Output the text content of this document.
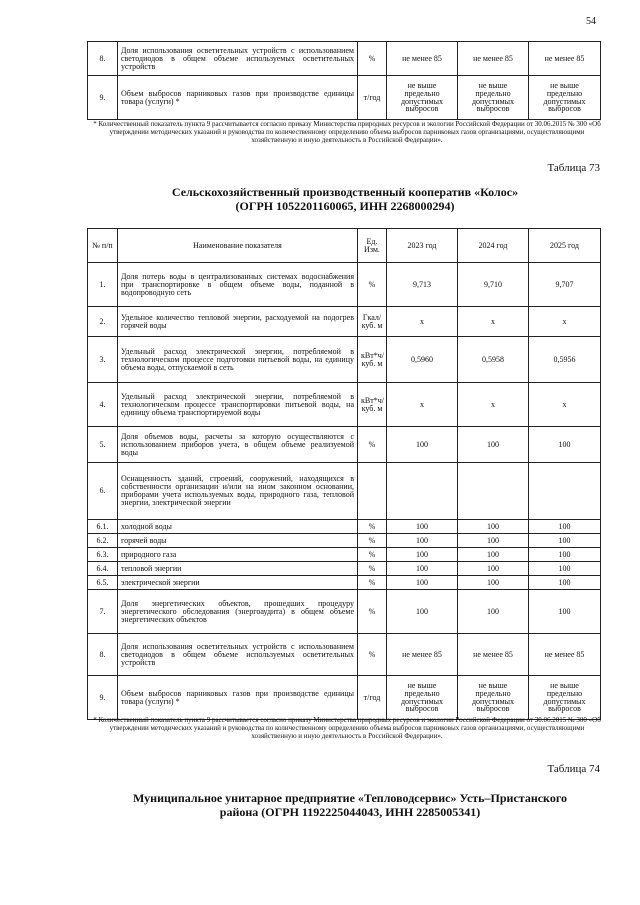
54
8.	Доля использования осветительных устройств с использованием светодиодов в общем объеме используемых осветительных устройств	%	не менее 85	не менее 85	не менее 85
9.	Объем выбросов парниковых газов при производстве единицы товара (услуги) *	т/год	не выше предельно допустимых выбросов	не выше предельно допустимых выбросов	не выше предельно допустимых выбросов
* Количественный показатель пункта 9 рассчитывается согласно приказу Министерства природных ресурсов и экологии Российской Федерации от 30.06.2015 № 300 «Об утверждении методических указаний и руководства по количественному определению объема выбросов парниковых газов организациями, осуществляющими хозяйственную и иную деятельность в Российской Федерации».
Таблица 73
Сельскохозяйственный производственный кооператив «Колос»
(ОГРН 1052201160065, ИНН 2268000294)
№ п/п	Наименование показателя	Ед. Изм.	2023 год	2024 год	2025 год
1.	Доля потерь воды в централизованных системах водоснабжения при транспортировке в общем объеме воды, поданной в водопроводную сеть	%	9,713	9,710	9,707
2.	Удельное количество тепловой энергии, расходуемой на подогрев горячей воды	Гкал/ куб. м	x	x	x
3.	Удельный расход электрической энергии, потребляемой в технологическом процессе подготовки питьевой воды, на единицу объема воды, отпускаемой в сеть	кВт*ч/ куб. м	0,5960	0,5958	0,5956
4.	Удельный расход электрической энергии, потребляемой в технологическом процессе транспортировки питьевой воды, на единицу объема транспортируемой воды	кВт*ч/ куб. м	x	x	x
5.	Доля объемов воды, расчеты за которую осуществляются с использованием приборов учета, в общем объеме реализуемой воды	%	100	100	100
6.	Оснащенность зданий, строений, сооружений, находящихся в собственности организации и/или на ином законном основании, приборами учета используемых воды, природного газа, тепловой энергии, электрической энергии				
6.1.	холодной воды	%	100	100	100
6.2.	горячей воды	%	100	100	100
6.3.	природного газа	%	100	100	100
6.4.	тепловой энергии	%	100	100	100
6.5.	электрической энергии	%	100	100	100
7.	Доля энергетических объектов, прошедших процедуру энергетического обследования (энергоаудита) в общем объеме энергетических объектов	%	100	100	100
8.	Доля использования осветительных устройств с использованием светодиодов в общем объеме используемых осветительных устройств	%	не менее 85	не менее 85	не менее 85
9.	Объем выбросов парниковых газов при производстве единицы товара (услуги) *	т/год	не выше предельно допустимых выбросов	не выше предельно допустимых выбросов	не выше предельно допустимых выбросов
* Количественный показатель пункта 9 рассчитывается согласно приказу Министерства природных ресурсов и экологии Российской Федерации от 30.06.2015 № 300 «Об утверждении методических указаний и руководства по количественному определению объема выбросов парниковых газов организациями, осуществляющими хозяйственную и иную деятельность в Российской Федерации».
Таблица 74
Муниципальное унитарное предприятие «Тепловодсервис» Усть–Пристанского
района (ОГРН 1192225044043, ИНН 2285005341)
